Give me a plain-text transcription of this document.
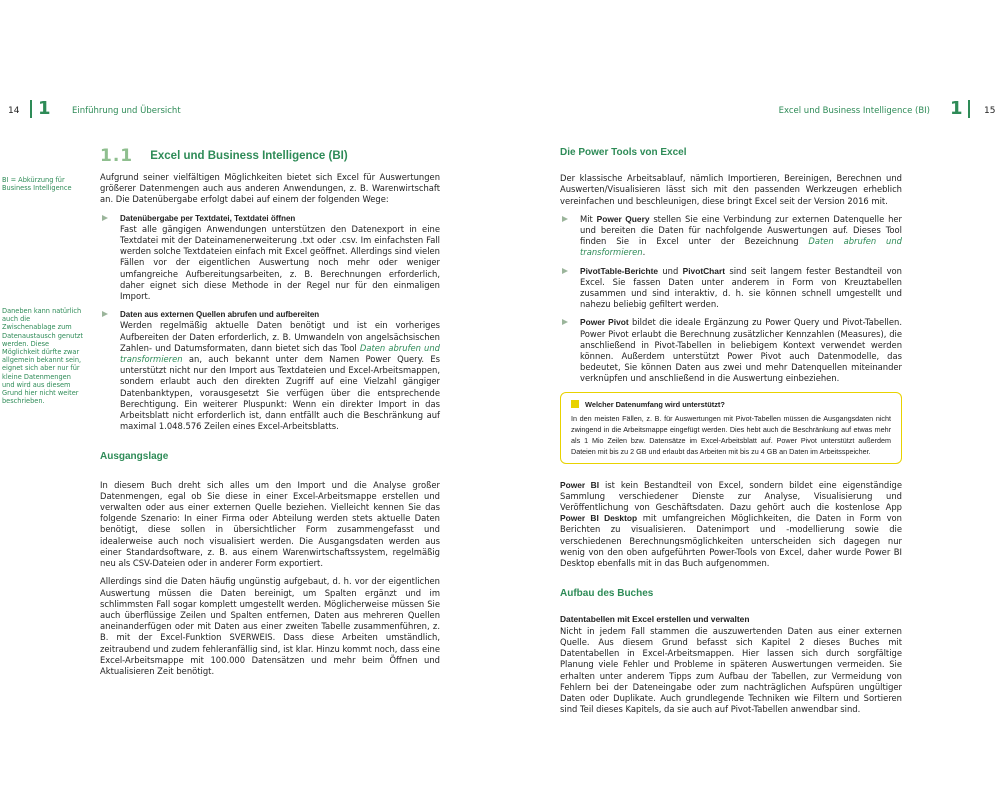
14 1	Einführung und Übersicht
BI = Abkürzung für Business Intelligence
Daneben kann natürlich auch die Zwischenablage zum Datenaustausch genutzt werden. Diese Möglichkeit dürfte zwar allgemein bekannt sein, eignet sich aber nur für kleine Datenmengen und wird aus diesem Grund hier nicht weiter beschrieben.
1.1 Excel und Business Intelligence (BI)

Aufgrund seiner vielfältigen Möglichkeiten bietet sich Excel für Auswertungen größerer Datenmengen auch aus anderen Anwendungen, z. B. Warenwirtschaft an. Die Datenübergabe erfolgt dabei auf einem der folgenden Wege:

Datenübergabe per Textdatei, Textdatei öffnen
Fast alle gängigen Anwendungen unterstützen den Datenexport in eine Textdatei mit der Dateinamenerweiterung .txt oder .csv. Im einfachsten Fall werden solche Textdateien einfach mit Excel geöffnet. Allerdings sind vielen Fällen vor der eigentlichen Auswertung noch mehr oder weniger umfangreiche Aufbereitungsarbeiten, z. B. Berechnungen erforderlich, daher eignet sich diese Methode in der Regel nur für den einmaligen Import.
Daten aus externen Quellen abrufen und aufbereiten
Werden regelmäßig aktuelle Daten benötigt und ist ein vorheriges Aufbereiten der Daten erforderlich, z. B. Umwandeln von angelsächsischen Zahlen- und Datumsformaten, dann bietet sich das Tool Daten abrufen und transformieren an, auch bekannt unter dem Namen Power Query. Es unterstützt nicht nur den Import aus Textdateien und Excel-Arbeitsmappen, sondern erlaubt auch den direkten Zugriff auf eine Vielzahl gängiger Datenbanktypen, vorausgesetzt Sie verfügen über die entsprechende Berechtigung. Ein weiterer Pluspunkt: Wenn ein direkter Import in das Arbeitsblatt nicht erforderlich ist, dann entfällt auch die Beschränkung auf maximal 1.048.576 Zeilen eines Excel-Arbeitsblatts.

Ausgangslage

In diesem Buch dreht sich alles um den Import und die Analyse großer Datenmengen, egal ob Sie diese in einer Excel-Arbeitsmappe erstellen und verwalten oder aus einer externen Quelle beziehen. Vielleicht kennen Sie das folgende Szenario: In einer Firma oder Abteilung werden stets aktuelle Daten benötigt, diese sollen in übersichtlicher Form zusammengefasst und idealerweise auch noch visualisiert werden. Die Ausgangsdaten werden aus einer Standardsoftware, z. B. aus einem Warenwirtschaftssystem, regelmäßig neu als CSV-Dateien oder in anderer Form exportiert.

Allerdings sind die Daten häufig ungünstig aufgebaut, d. h. vor der eigentlichen Auswertung müssen die Daten bereinigt, um Spalten ergänzt und im schlimmsten Fall sogar komplett umgestellt werden. Möglicherweise müssen Sie auch überflüssige Zeilen und Spalten entfernen, Daten aus mehreren Quellen aneinanderfügen oder mit Daten aus einer zweiten Tabelle zusammenführen, z. B. mit der Excel-Funktion SVERWEIS. Dass diese Arbeiten umständlich, zeitraubend und zudem fehleranfällig sind, ist klar. Hinzu kommt noch, dass eine Excel-Arbeitsmappe mit 100.000 Datensätzen und mehr beim Öffnen und Aktualisieren Zeit benötigt.

Excel und Business Intelligence (BI) 1 15

Die Power Tools von Excel

Der klassische Arbeitsablauf, nämlich Importieren, Bereinigen, Berechnen und Auswerten/Visualisieren lässt sich mit den passenden Werkzeugen erheblich vereinfachen und beschleunigen, diese bringt Excel seit der Version 2016 mit.

Mit Power Query stellen Sie eine Verbindung zur externen Datenquelle her und bereiten die Daten für nachfolgende Auswertungen auf. Dieses Tool finden Sie in Excel unter der Bezeichnung Daten abrufen und transformieren.
PivotTable-Berichte und PivotChart sind seit langem fester Bestandteil von Excel. Sie fassen Daten unter anderem in Form von Kreuztabellen zusammen und sind interaktiv, d. h. sie können schnell umgestellt und nahezu beliebig gefiltert werden.
Power Pivot bildet die ideale Ergänzung zu Power Query und Pivot-Tabellen. Power Pivot erlaubt die Berechnung zusätzlicher Kennzahlen (Measures), die anschließend in Pivot-Tabellen in beliebigem Kontext verwendet werden können. Außerdem unterstützt Power Pivot auch Datenmodelle, das bedeutet, Sie können Daten aus zwei und mehr Datenquellen miteinander verknüpfen und anschließend in die Auswertung einbeziehen.
Welcher Datenumfang wird unterstützt?
In den meisten Fällen, z. B. für Auswertungen mit Pivot-Tabellen müssen die Ausgangsdaten nicht zwingend in die Arbeitsmappe eingefügt werden. Dies hebt auch die Beschränkung auf etwas mehr als 1 Mio Zeilen bzw. Datensätze im Excel-Arbeitsblatt auf. Power Pivot unterstützt außerdem Dateien mit bis zu 2 GB und erlaubt das Arbeiten mit bis zu 4 GB an Daten im Arbeitsspeicher.

Power BI ist kein Bestandteil von Excel, sondern bildet eine eigenständige Sammlung verschiedener Dienste zur Analyse, Visualisierung und Veröffentlichung von Geschäftsdaten. Dazu gehört auch die kostenlose App Power BI Desktop mit umfangreichen Möglichkeiten, die Daten in Form von Berichten zu visualisieren. Datenimport und -modellierung sowie die verschiedenen Berechnungsmöglichkeiten unterscheiden sich dagegen nur wenig von den oben aufgeführten Power-Tools von Excel, daher wurde Power BI Desktop ebenfalls mit in das Buch aufgenommen.

Aufbau des Buches

Datentabellen mit Excel erstellen und verwalten

Nicht in jedem Fall stammen die auszuwertenden Daten aus einer externen Quelle. Aus diesem Grund befasst sich Kapitel 2 dieses Buches mit Datentabellen in Excel-Arbeitsmappen. Hier lassen sich durch sorgfältige Planung viele Fehler und Probleme in späteren Auswertungen vermeiden. Sie erhalten unter anderem Tipps zum Aufbau der Tabellen, zur Vermeidung von Fehlern bei der Dateneingabe oder zum nachträglichen Aufspüren ungültiger Daten oder Duplikate. Auch grundlegende Techniken wie Filtern und Sortieren sind Teil dieses Kapitels, da sie auch auf Pivot-Tabellen anwendbar sind.
